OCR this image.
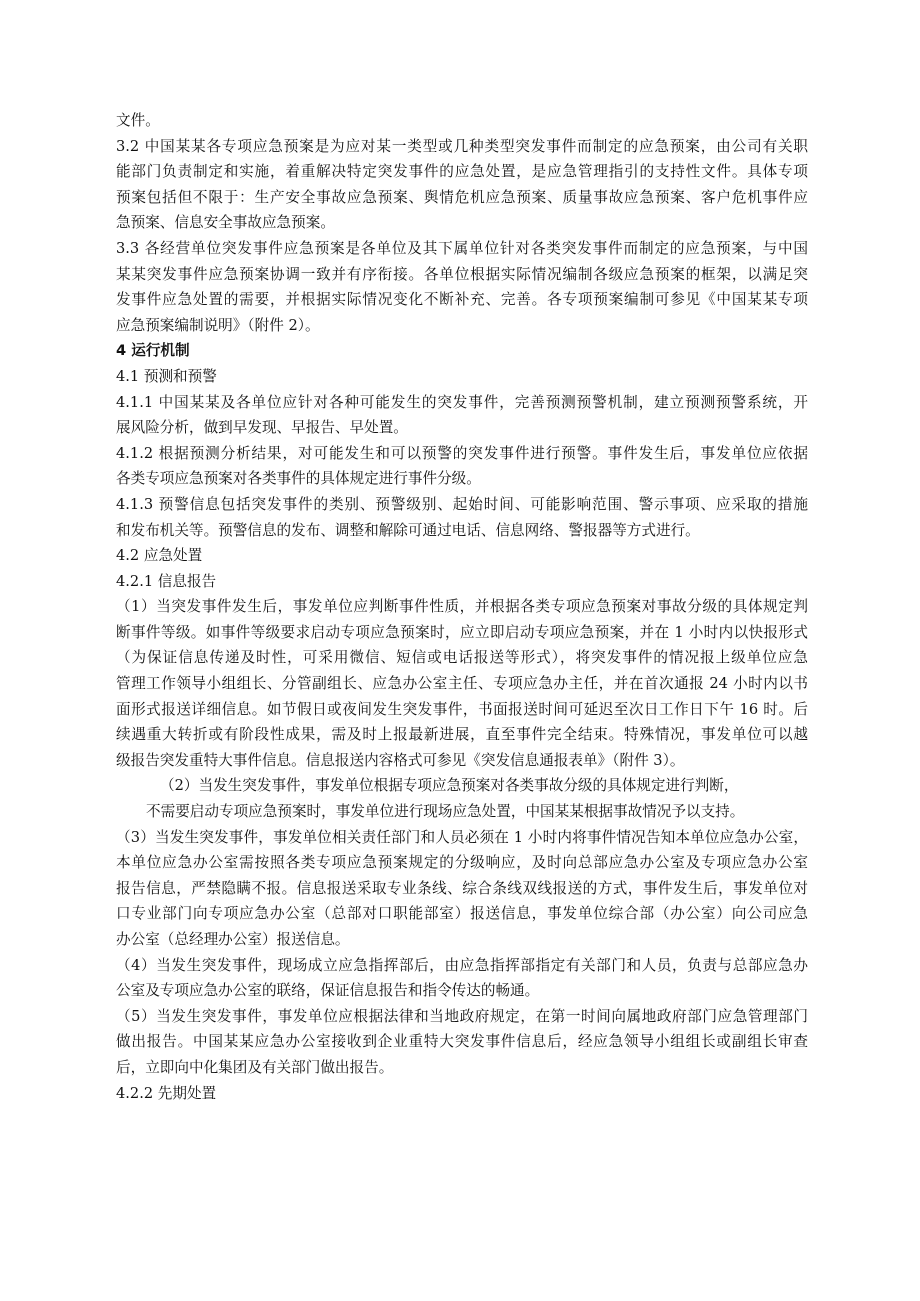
文件。

3.2 中国某某各专项应急预案是为应对某一类型或几种类型突发事件而制定的应急预案，由公司有关职

能部门负责制定和实施，着重解决特定突发事件的应急处置，是应急管理指引的支持性文件。具体专项

预案包括但不限于：生产安全事故应急预案、舆情危机应急预案、质量事故应急预案、客户危机事件应

急预案、信息安全事故应急预案。

3.3 各经营单位突发事件应急预案是各单位及其下属单位针对各类突发事件而制定的应急预案，与中国

某某突发事件应急预案协调一致并有序衔接。各单位根据实际情况编制各级应急预案的框架，以满足突

发事件应急处置的需要，并根据实际情况变化不断补充、完善。各专项预案编制可参见《中国某某专项

应急预案编制说明》（附件 2）。

4 运行机制

4.1 预测和预警

4.1.1 中国某某及各单位应针对各种可能发生的突发事件，完善预测预警机制，建立预测预警系统，开

展风险分析，做到早发现、早报告、早处置。

4.1.2 根据预测分析结果，对可能发生和可以预警的突发事件进行预警。事件发生后，事发单位应依据

各类专项应急预案对各类事件的具体规定进行事件分级。

4.1.3 预警信息包括突发事件的类别、预警级别、起始时间、可能影响范围、警示事项、应采取的措施

和发布机关等。预警信息的发布、调整和解除可通过电话、信息网络、警报器等方式进行。

4.2 应急处置

4.2.1 信息报告

（1）当突发事件发生后，事发单位应判断事件性质，并根据各类专项应急预案对事故分级的具体规定判

断事件等级。如事件等级要求启动专项应急预案时，应立即启动专项应急预案，并在 1 小时内以快报形式

（为保证信息传递及时性，可采用微信、短信或电话报送等形式），将突发事件的情况报上级单位应急

管理工作领导小组组长、分管副组长、应急办公室主任、专项应急办主任，并在首次通报 24 小时内以书

面形式报送详细信息。如节假日或夜间发生突发事件，书面报送时间可延迟至次日工作日下午 16 时。后

续遇重大转折或有阶段性成果，需及时上报最新进展，直至事件完全结束。特殊情况，事发单位可以越

级报告突发重特大事件信息。信息报送内容格式可参见《突发信息通报表单》（附件 3）。

（2）当发生突发事件，事发单位根据专项应急预案对各类事故分级的具体规定进行判断，

不需要启动专项应急预案时，事发单位进行现场应急处置，中国某某根据事故情况予以支持。

（3）当发生突发事件，事发单位相关责任部门和人员必须在 1 小时内将事件情况告知本单位应急办公室，

本单位应急办公室需按照各类专项应急预案规定的分级响应，及时向总部应急办公室及专项应急办公室

报告信息，严禁隐瞒不报。信息报送采取专业条线、综合条线双线报送的方式，事件发生后，事发单位对

口专业部门向专项应急办公室（总部对口职能部室）报送信息，事发单位综合部（办公室）向公司应急

办公室（总经理办公室）报送信息。

（4）当发生突发事件，现场成立应急指挥部后，由应急指挥部指定有关部门和人员，负责与总部应急办

公室及专项应急办公室的联络，保证信息报告和指令传达的畅通。

（5）当发生突发事件，事发单位应根据法律和当地政府规定，在第一时间向属地政府部门应急管理部门

做出报告。中国某某应急办公室接收到企业重特大突发事件信息后，经应急领导小组组长或副组长审查

后，立即向中化集团及有关部门做出报告。

4.2.2 先期处置
